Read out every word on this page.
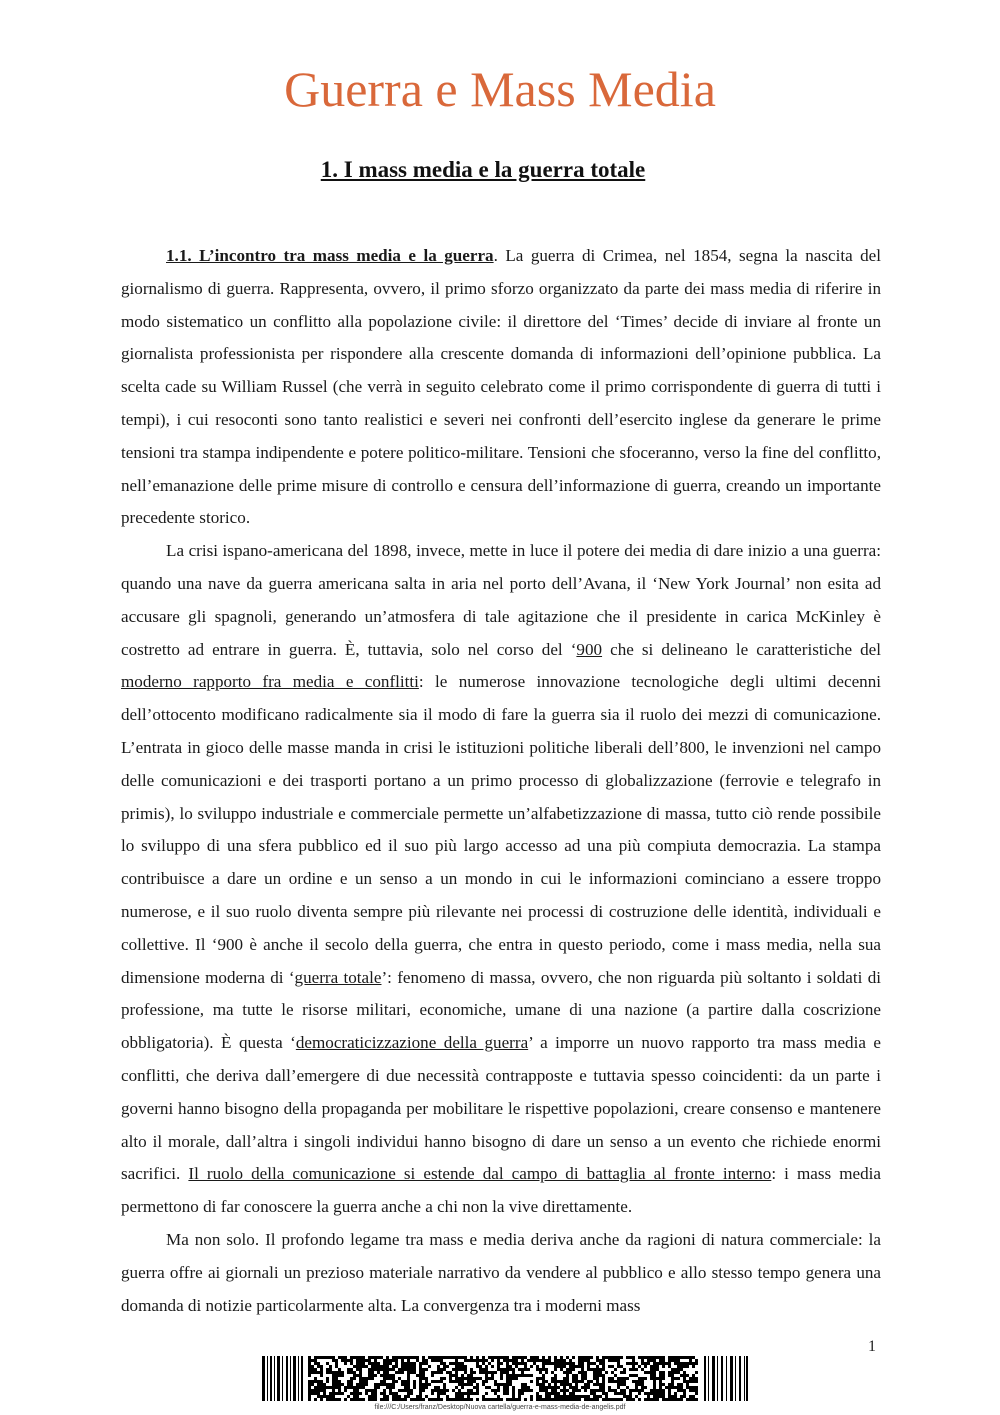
Guerra e Mass Media
1. I mass media e la guerra totale

1.1. L’incontro tra mass media e la guerra. La guerra di Crimea, nel 1854, segna la nascita del giornalismo di guerra. Rappresenta, ovvero, il primo sforzo organizzato da parte dei mass media di riferire in modo sistematico un conflitto alla popolazione civile: il direttore del ‘Times’ decide di inviare al fronte un giornalista professionista per rispondere alla crescente domanda di informazioni dell’opinione pubblica. La scelta cade su William Russel (che verrà in seguito celebrato come il primo corrispondente di guerra di tutti i tempi), i cui resoconti sono tanto realistici e severi nei confronti dell’esercito inglese da generare le prime tensioni tra stampa indipendente e potere politico-militare. Tensioni che sfoceranno, verso la fine del conflitto, nell’emanazione delle prime misure di controllo e censura dell’informazione di guerra, creando un importante precedente storico.

La crisi ispano-americana del 1898, invece, mette in luce il potere dei media di dare inizio a una guerra: quando una nave da guerra americana salta in aria nel porto dell’Avana, il ‘New York Journal’ non esita ad accusare gli spagnoli, generando un’atmosfera di tale agitazione che il presidente in carica McKinley è costretto ad entrare in guerra. È, tuttavia, solo nel corso del ‘900 che si delineano le caratteristiche del moderno rapporto fra media e conflitti: le numerose innovazione tecnologiche degli ultimi decenni dell’ottocento modificano radicalmente sia il modo di fare la guerra sia il ruolo dei mezzi di comunicazione. L’entrata in gioco delle masse manda in crisi le istituzioni politiche liberali dell’800, le invenzioni nel campo delle comunicazioni e dei trasporti portano a un primo processo di globalizzazione (ferrovie e telegrafo in primis), lo sviluppo industriale e commerciale permette un’alfabetizzazione di massa, tutto ciò rende possibile lo sviluppo di una sfera pubblico ed il suo più largo accesso ad una più compiuta democrazia. La stampa contribuisce a dare un ordine e un senso a un mondo in cui le informazioni cominciano a essere troppo numerose, e il suo ruolo diventa sempre più rilevante nei processi di costruzione delle identità, individuali e collettive. Il ‘900 è anche il secolo della guerra, che entra in questo periodo, come i mass media, nella sua dimensione moderna di ‘guerra totale’: fenomeno di massa, ovvero, che non riguarda più soltanto i soldati di professione, ma tutte le risorse militari, economiche, umane di una nazione (a partire dalla coscrizione obbligatoria). È questa ‘democraticizzazione della guerra’ a imporre un nuovo rapporto tra mass media e conflitti, che deriva dall’emergere di due necessità contrapposte e tuttavia spesso coincidenti: da un parte i governi hanno bisogno della propaganda per mobilitare le rispettive popolazioni, creare consenso e mantenere alto il morale, dall’altra i singoli individui hanno bisogno di dare un senso a un evento che richiede enormi sacrifici. Il ruolo della comunicazione si estende dal campo di battaglia al fronte interno: i mass media permettono di far conoscere la guerra anche a chi non la vive direttamente.

Ma non solo. Il profondo legame tra mass e media deriva anche da ragioni di natura commerciale: la guerra offre ai giornali un prezioso materiale narrativo da vendere al pubblico e allo stesso tempo genera una domanda di notizie particolarmente alta. La convergenza tra i moderni mass

1
file:///C:/Users/franz/Desktop/Nuova cartella/guerra-e-mass-media-de-angelis.pdf
